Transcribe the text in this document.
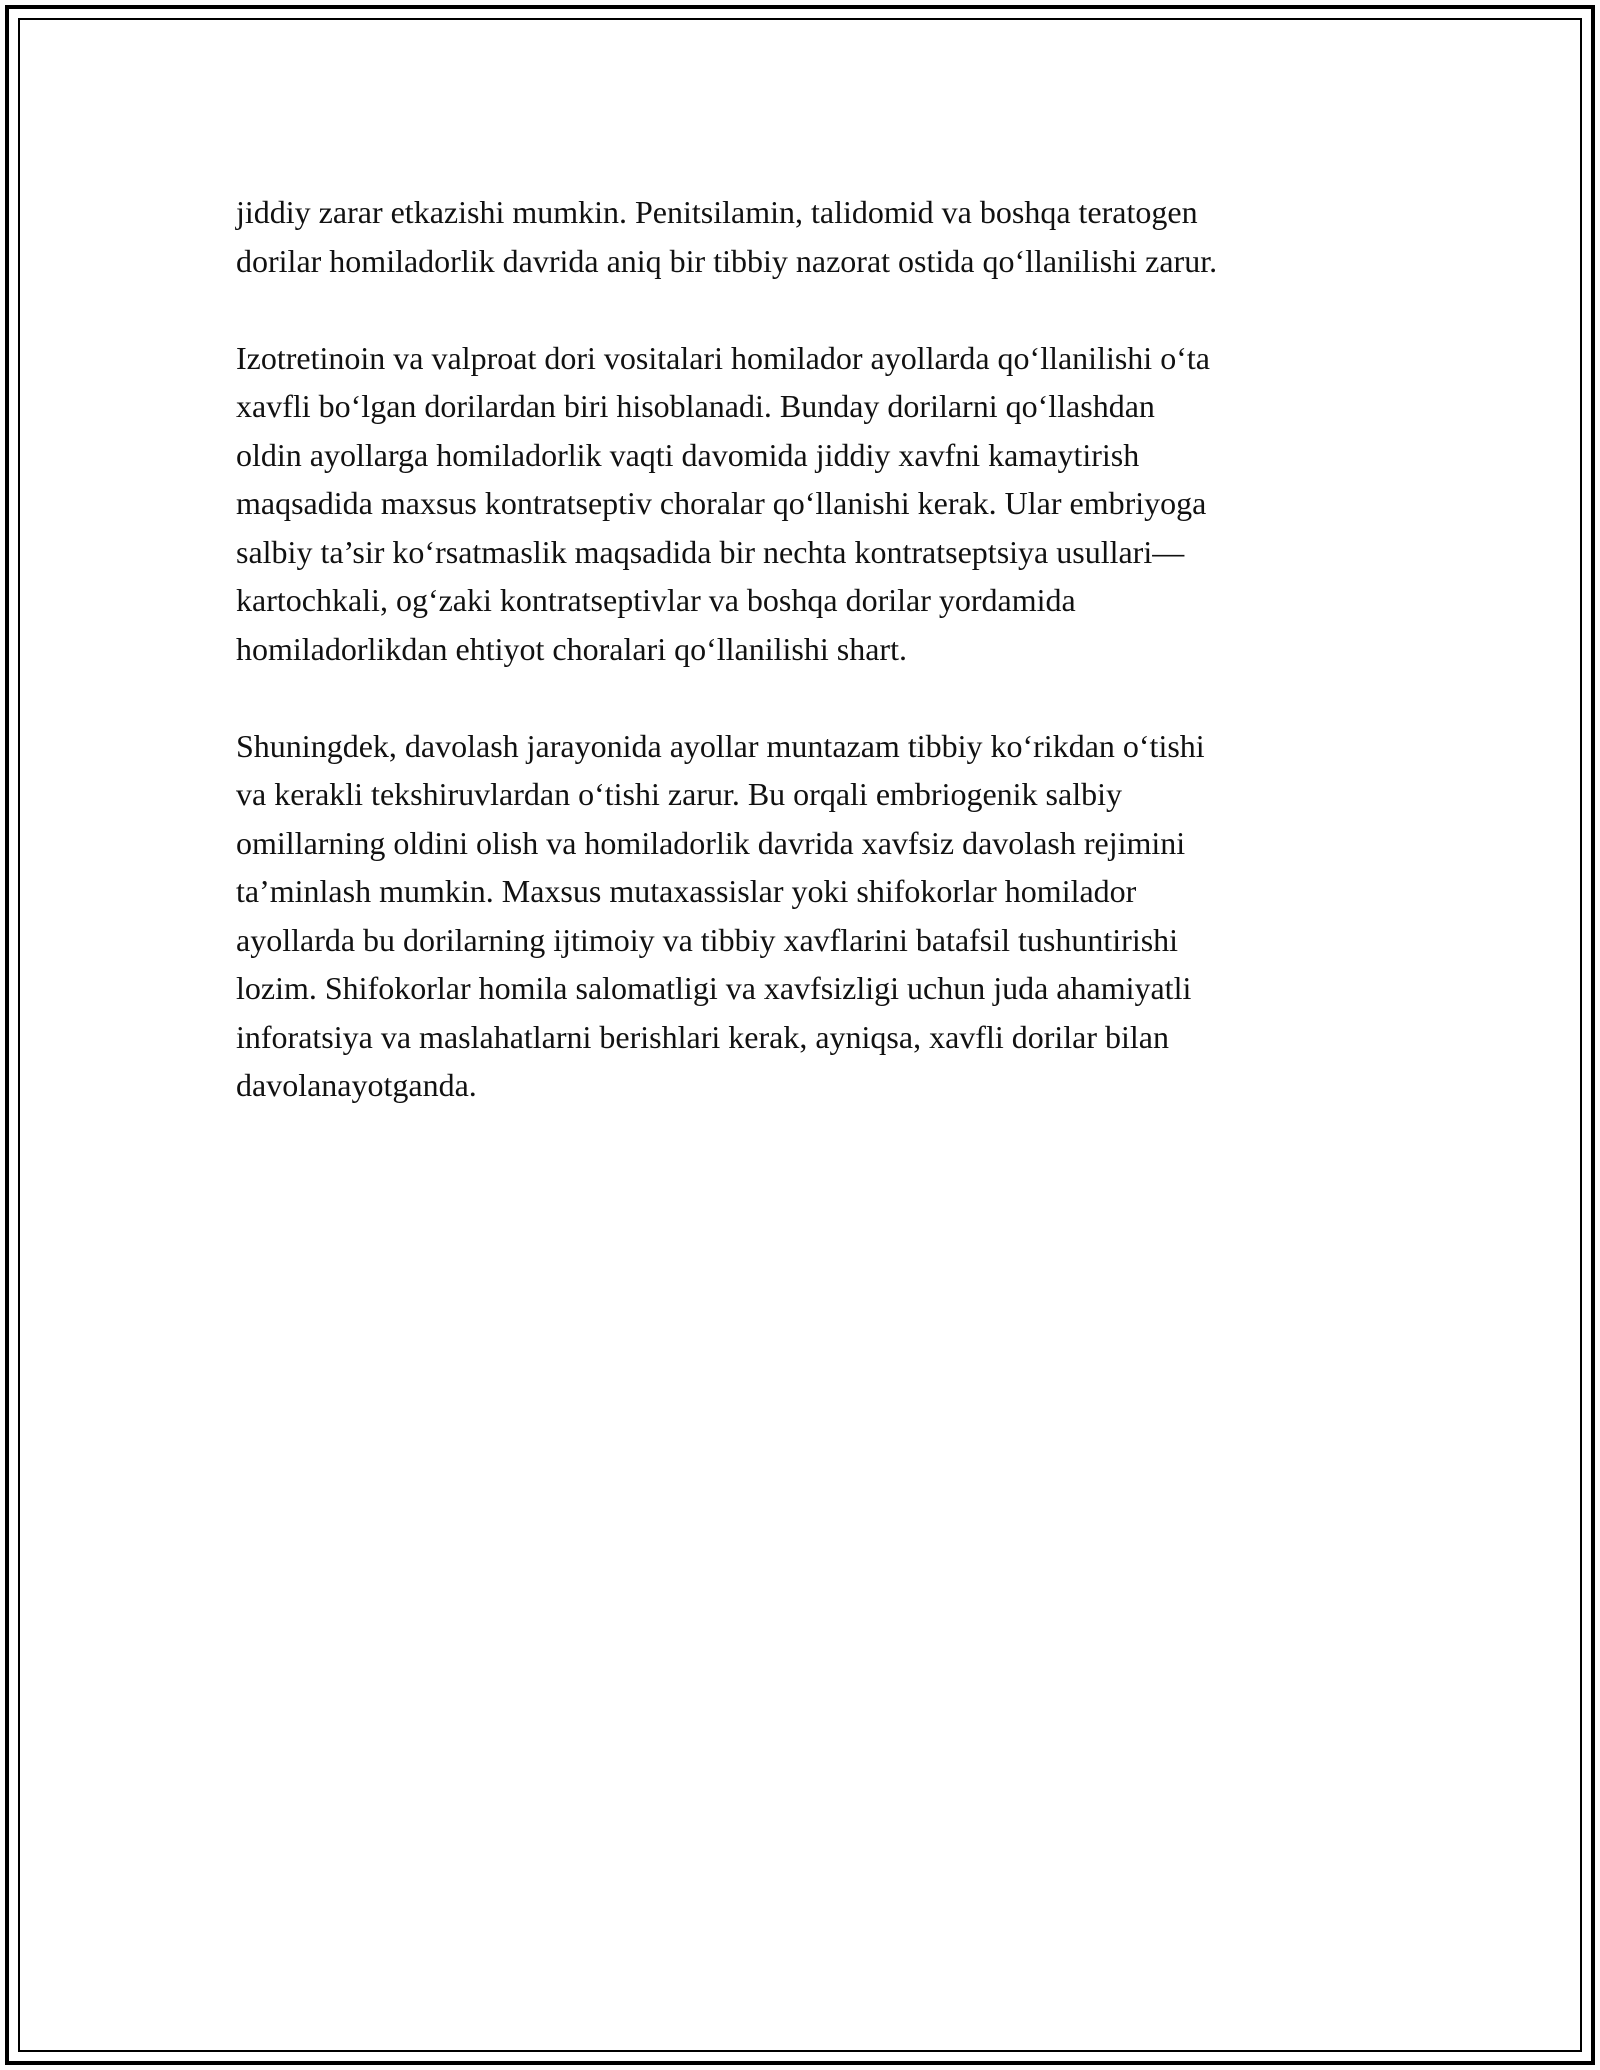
jiddiy zarar etkazishi mumkin. Penitsilamin, talidomid va boshqa teratogen
dorilar homiladorlik davrida aniq bir tibbiy nazorat ostida qo‘llanilishi zarur.

Izotretinoin va valproat dori vositalari homilador ayollarda qo‘llanilishi o‘ta
xavfli bo‘lgan dorilardan biri hisoblanadi. Bunday dorilarni qo‘llashdan
oldin ayollarga homiladorlik vaqti davomida jiddiy xavfni kamaytirish
maqsadida maxsus kontratseptiv choralar qo‘llanishi kerak. Ular embriyoga
salbiy ta’sir ko‘rsatmaslik maqsadida bir nechta kontratseptsiya usullari—
kartochkali, og‘zaki kontratseptivlar va boshqa dorilar yordamida
homiladorlikdan ehtiyot choralari qo‘llanilishi shart.

Shuningdek, davolash jarayonida ayollar muntazam tibbiy ko‘rikdan o‘tishi
va kerakli tekshiruvlardan o‘tishi zarur. Bu orqali embriogenik salbiy
omillarning oldini olish va homiladorlik davrida xavfsiz davolash rejimini
ta’minlash mumkin. Maxsus mutaxassislar yoki shifokorlar homilador
ayollarda bu dorilarning ijtimoiy va tibbiy xavflarini batafsil tushuntirishi
lozim. Shifokorlar homila salomatligi va xavfsizligi uchun juda ahamiyatli
inforatsiya va maslahatlarni berishlari kerak, ayniqsa, xavfli dorilar bilan
davolanayotganda.
